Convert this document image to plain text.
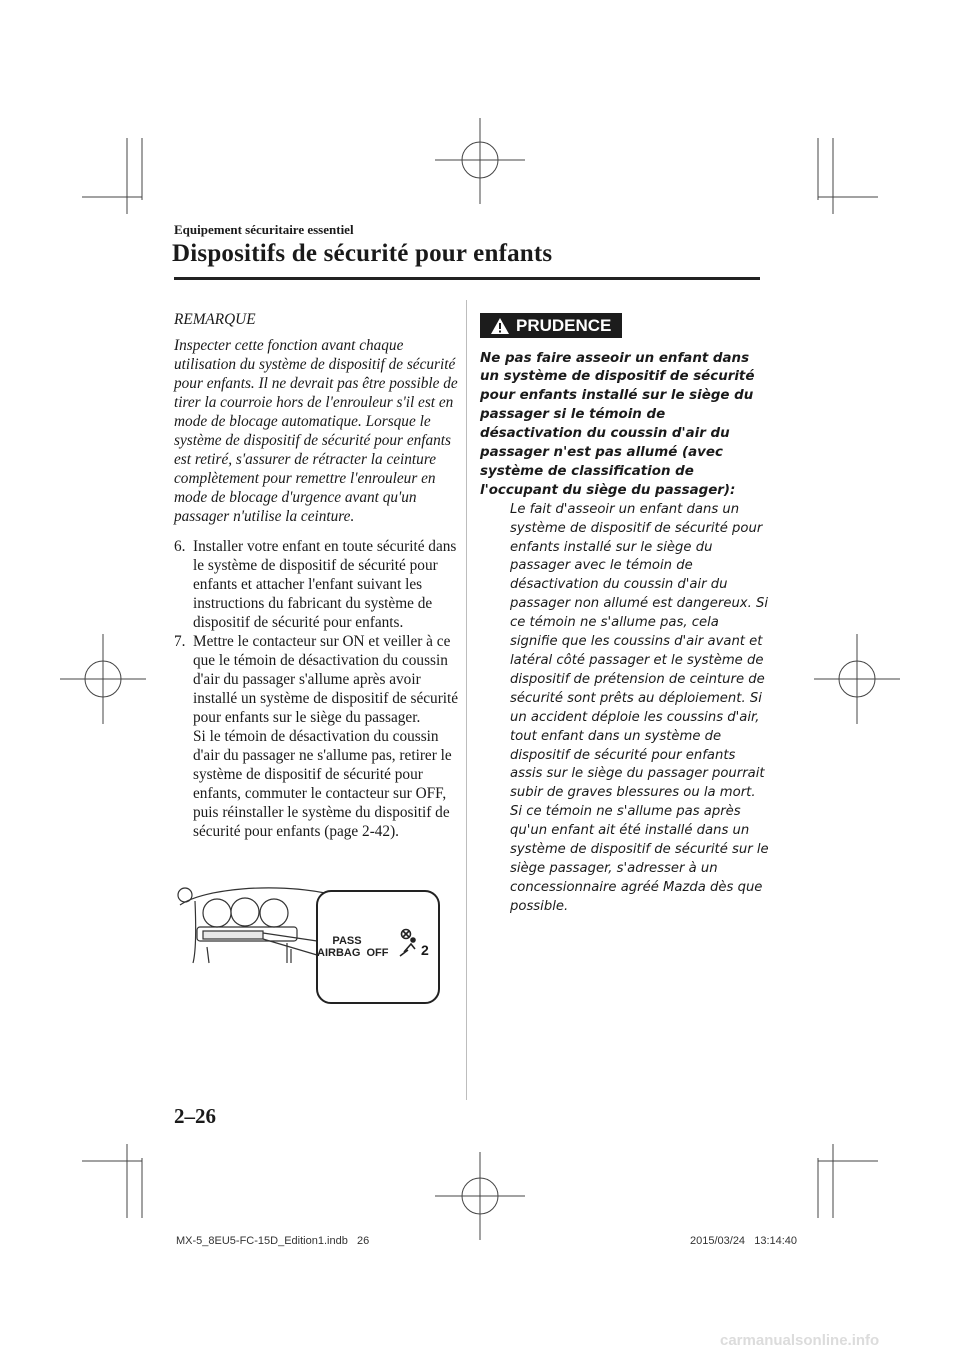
Equipement sécuritaire essentiel
Dispositifs de sécurité pour enfants
REMARQUE

Inspecter cette fonction avant chaque utilisation du système de dispositif de sécurité pour enfants. Il ne devrait pas être possible de tirer la courroie hors de l'enrouleur s'il est en mode de blocage automatique. Lorsque le système de dispositif de sécurité pour enfants est retiré, s'assurer de rétracter la ceinture complètement pour remettre l'enrouleur en mode de blocage d'urgence avant qu'un passager n'utilise la ceinture.

6. Installer votre enfant en toute sécurité dans le système de dispositif de sécurité pour enfants et attacher l'enfant suivant les instructions du fabricant du système de dispositif de sécurité pour enfants.

7. Mettre le contacteur sur ON et veiller à ce que le témoin de désactivation du coussin d'air du passager s'allume après avoir installé un système de dispositif de sécurité pour enfants sur le siège du passager.

Si le témoin de désactivation du coussin d'air du passager ne s'allume pas, retirer le système de dispositif de sécurité pour enfants, commuter le contacteur sur OFF, puis réinstaller le système du dispositif de sécurité pour enfants (page 2-42).

PASS
AIRBAG  OFF 2
PRUDENCE
Ne pas faire asseoir un enfant dans un système de dispositif de sécurité pour enfants installé sur le siège du passager si le témoin de désactivation du coussin d'air du passager n'est pas allumé (avec système de classification de l'occupant du siège du passager):
Le fait d'asseoir un enfant dans un système de dispositif de sécurité pour enfants installé sur le siège du passager avec le témoin de désactivation du coussin d'air du passager non allumé est dangereux. Si ce témoin ne s'allume pas, cela signifie que les coussins d'air avant et latéral côté passager et le système de dispositif de prétension de ceinture de sécurité sont prêts au déploiement. Si un accident déploie les coussins d'air, tout enfant dans un système de dispositif de sécurité pour enfants assis sur le siège du passager pourrait subir de graves blessures ou la mort. Si ce témoin ne s'allume pas après qu'un enfant ait été installé dans un système de dispositif de sécurité sur le siège passager, s'adresser à un concessionnaire agréé Mazda dès que possible.
2–26
MX-5_8EU5-FC-15D_Edition1.indb   26	2015/03/24   13:14:40
carmanualsonline.info
